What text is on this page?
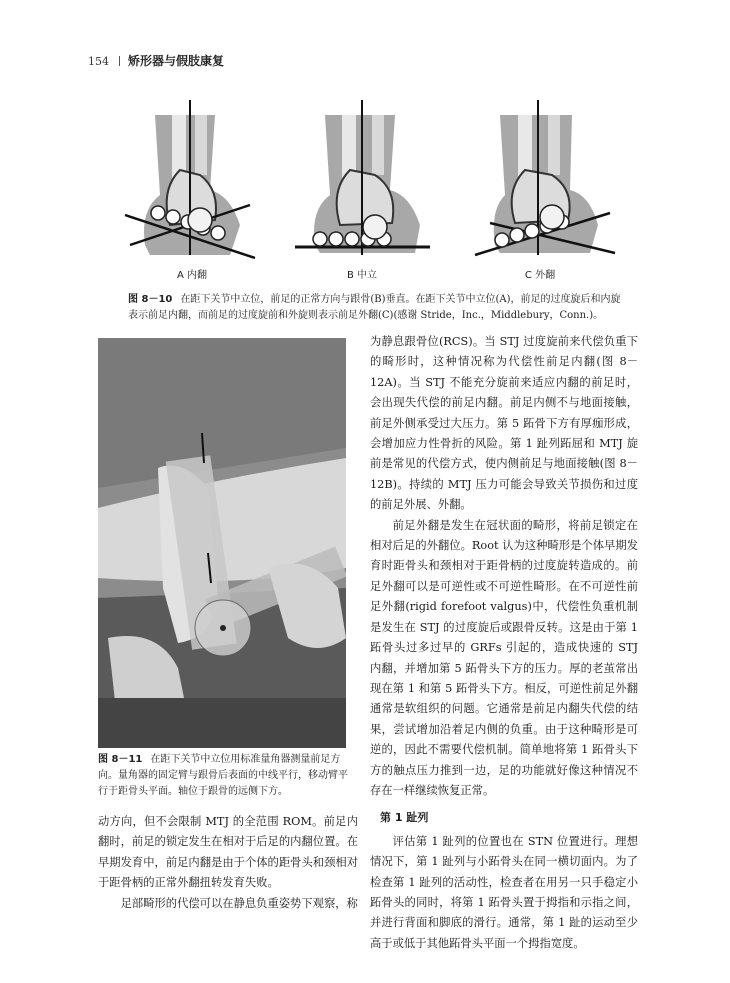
154 矫形器与假肢康复
A 内翻	B 中立	C 外翻
图 8－10 在距下关节中立位，前足的正常方向与跟骨(B)垂直。在距下关节中立位(A)，前足的过度旋后和内旋表示前足内翻，而前足的过度旋前和外旋则表示前足外翻(C)(感谢 Stride，Inc.，Middlebury，Conn.)。
图 8－11 在距下关节中立位用标准量角器测量前足方向。量角器的固定臂与跟骨后表面的中线平行，移动臂平行于距骨头平面。轴位于跟骨的远侧下方。

为静息跟骨位(RCS)。当 STJ 过度旋前来代偿负重下的畸形时，这种情况称为代偿性前足内翻(图 8－12A)。当 STJ 不能充分旋前来适应内翻的前足时，会出现失代偿的前足内翻。前足内侧不与地面接触，前足外侧承受过大压力。第 5 跖骨下方有厚痂形成，会增加应力性骨折的风险。第 1 趾列跖屈和 MTJ 旋前是常见的代偿方式，使内侧前足与地面接触(图 8－12B)。持续的 MTJ 压力可能会导致关节损伤和过度的前足外展、外翻。

前足外翻是发生在冠状面的畸形，将前足锁定在相对后足的外翻位。Root 认为这种畸形是个体早期发育时距骨头和颈相对于距骨柄的过度旋转造成的。前足外翻可以是可逆性或不可逆性畸形。在不可逆性前足外翻(rigid forefoot valgus)中，代偿性负重机制是发生在 STJ 的过度旋后或跟骨反转。这是由于第 1 跖骨头过多过早的 GRFs 引起的，造成快速的 STJ 内翻，并增加第 5 跖骨头下方的压力。厚的老茧常出现在第 1 和第 5 跖骨头下方。相反，可逆性前足外翻通常是软组织的问题。它通常是前足内翻失代偿的结果，尝试增加沿着足内侧的负重。由于这种畸形是可逆的，因此不需要代偿机制。简单地将第 1 跖骨头下方的触点压力推到一边，足的功能就好像这种情况不存在一样继续恢复正常。

第 1 趾列

评估第 1 趾列的位置也在 STN 位置进行。理想情况下，第 1 趾列与小跖骨头在同一横切面内。为了检查第 1 趾列的活动性，检查者在用另一只手稳定小跖骨头的同时，将第 1 跖骨头置于拇指和示指之间，并进行背面和脚底的滑行。通常，第 1 趾的运动至少高于或低于其他跖骨头平面一个拇指宽度。

动方向，但不会限制 MTJ 的全范围 ROM。前足内翻时，前足的锁定发生在相对于后足的内翻位置。在早期发育中，前足内翻是由于个体的距骨头和颈相对于距骨柄的正常外翻扭转发育失败。

足部畸形的代偿可以在静息负重姿势下观察，称
